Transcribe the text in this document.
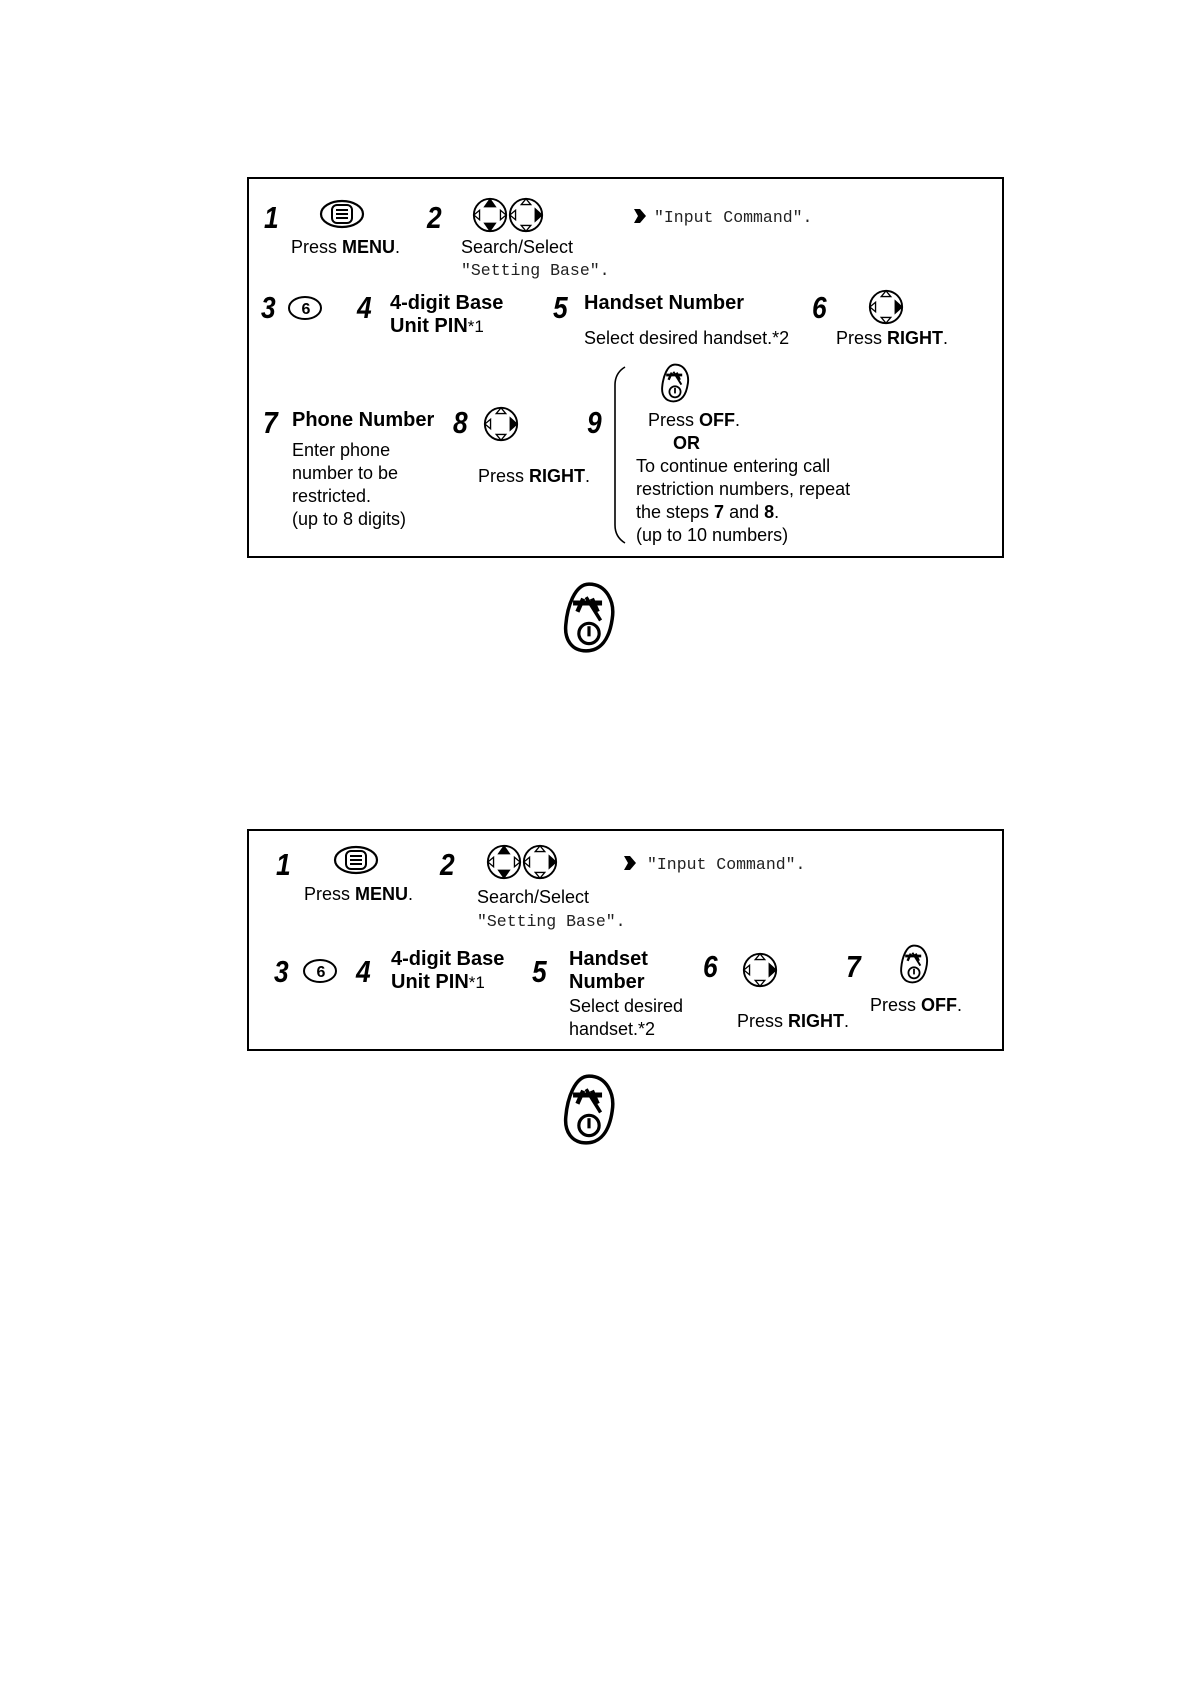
1
Press MENU.
2
Search/Select
"Setting Base".
"Input Command".
3 6 4 4-digit Base
Unit PIN*1
5 Handset Number
Select desired handset.*2
6
Press RIGHT.
7 Phone Number
Enter phone
number to be
restricted.
(up to 8 digits)
8
Press RIGHT.
9	Press OFF.
OR
To continue entering call
restriction numbers, repeat
the steps 7 and 8.
(up to 10 numbers)
1
Press MENU.
2
Search/Select
"Setting Base".
"Input Command".
3 6 4 4-digit Base
Unit PIN*1	5 Handset
Number
Select desired
handset.*2
6
Press RIGHT.
7
Press OFF.
